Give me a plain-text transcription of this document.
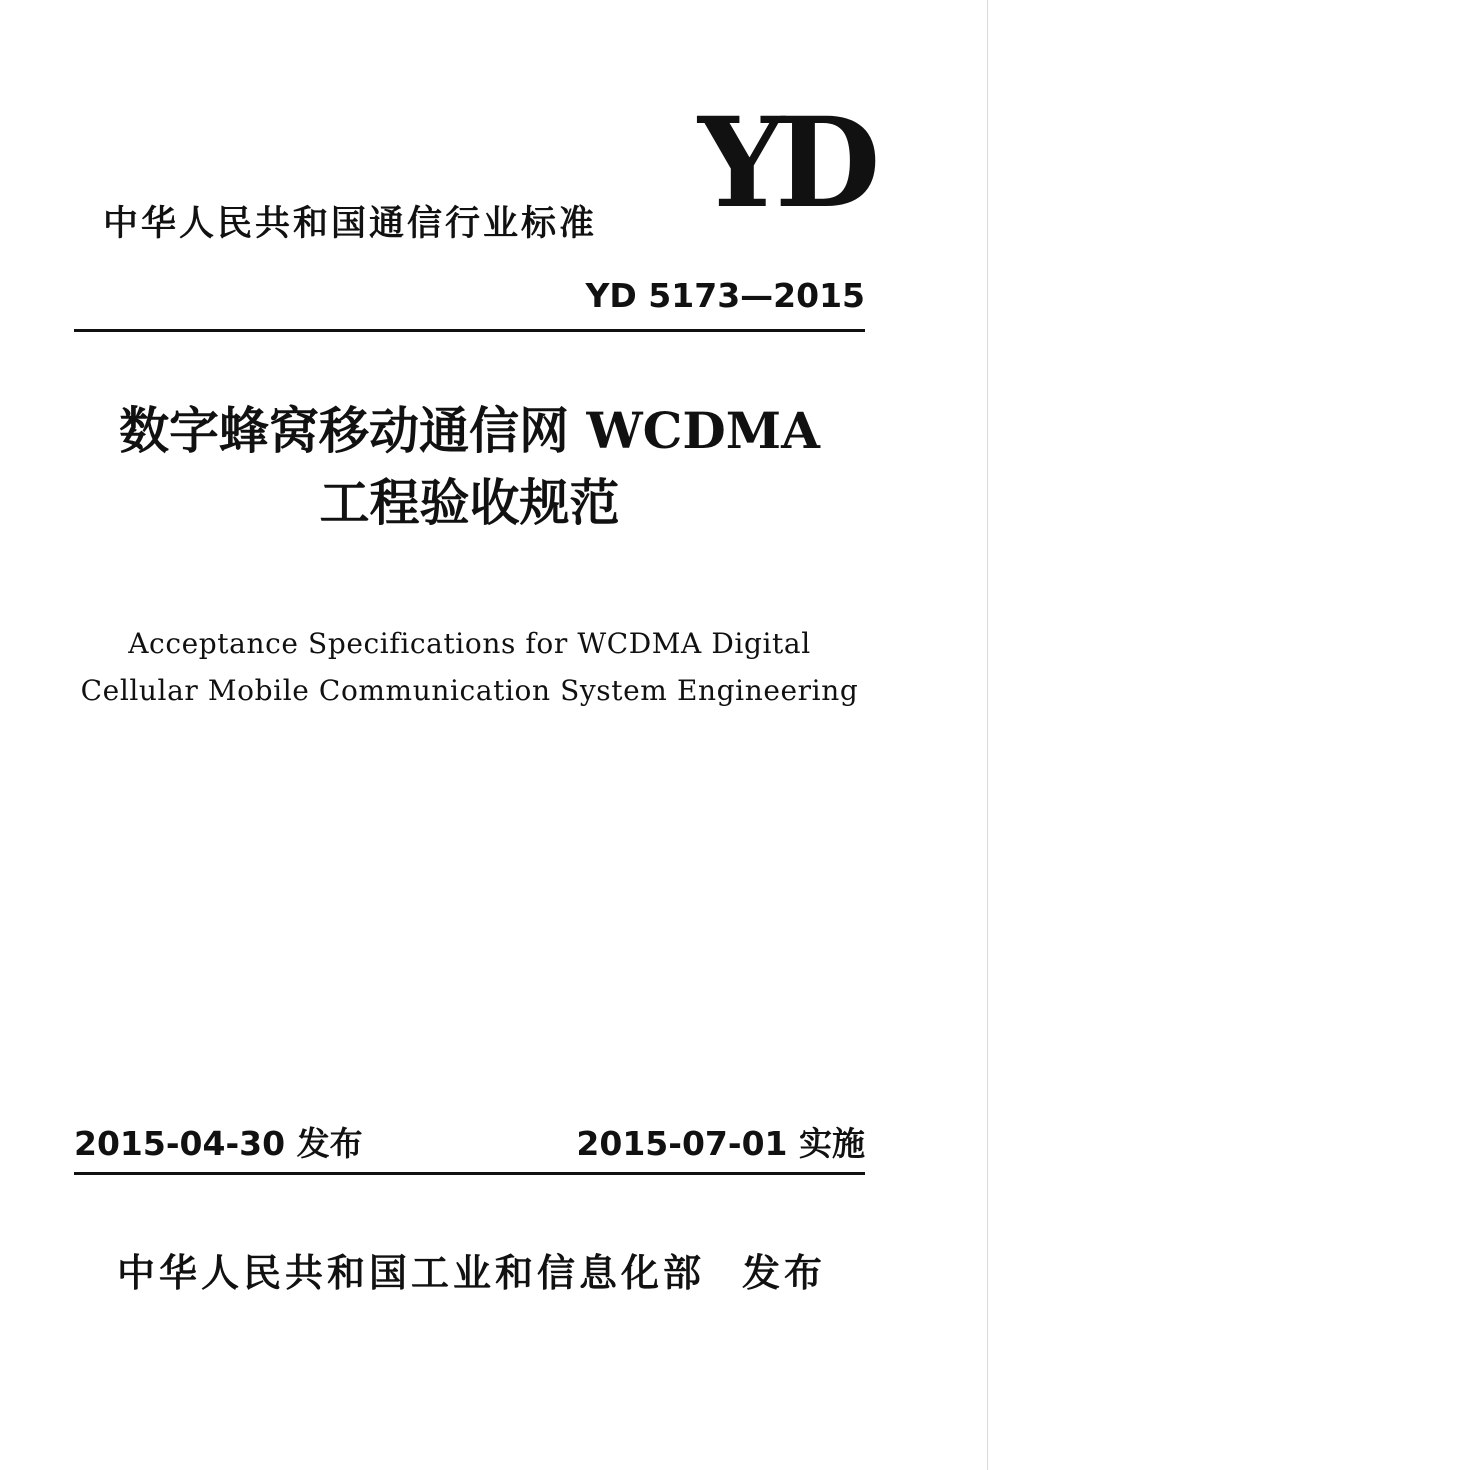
中华人民共和国通信行业标准 YD
YD 5173—2015
数字蜂窝移动通信网 WCDMA
工程验收规范
Acceptance Specifications for WCDMA Digital
Cellular Mobile Communication System Engineering
2015-04-30 发布	2015-07-01 实施
中华人民共和国工业和信息化部 发布
